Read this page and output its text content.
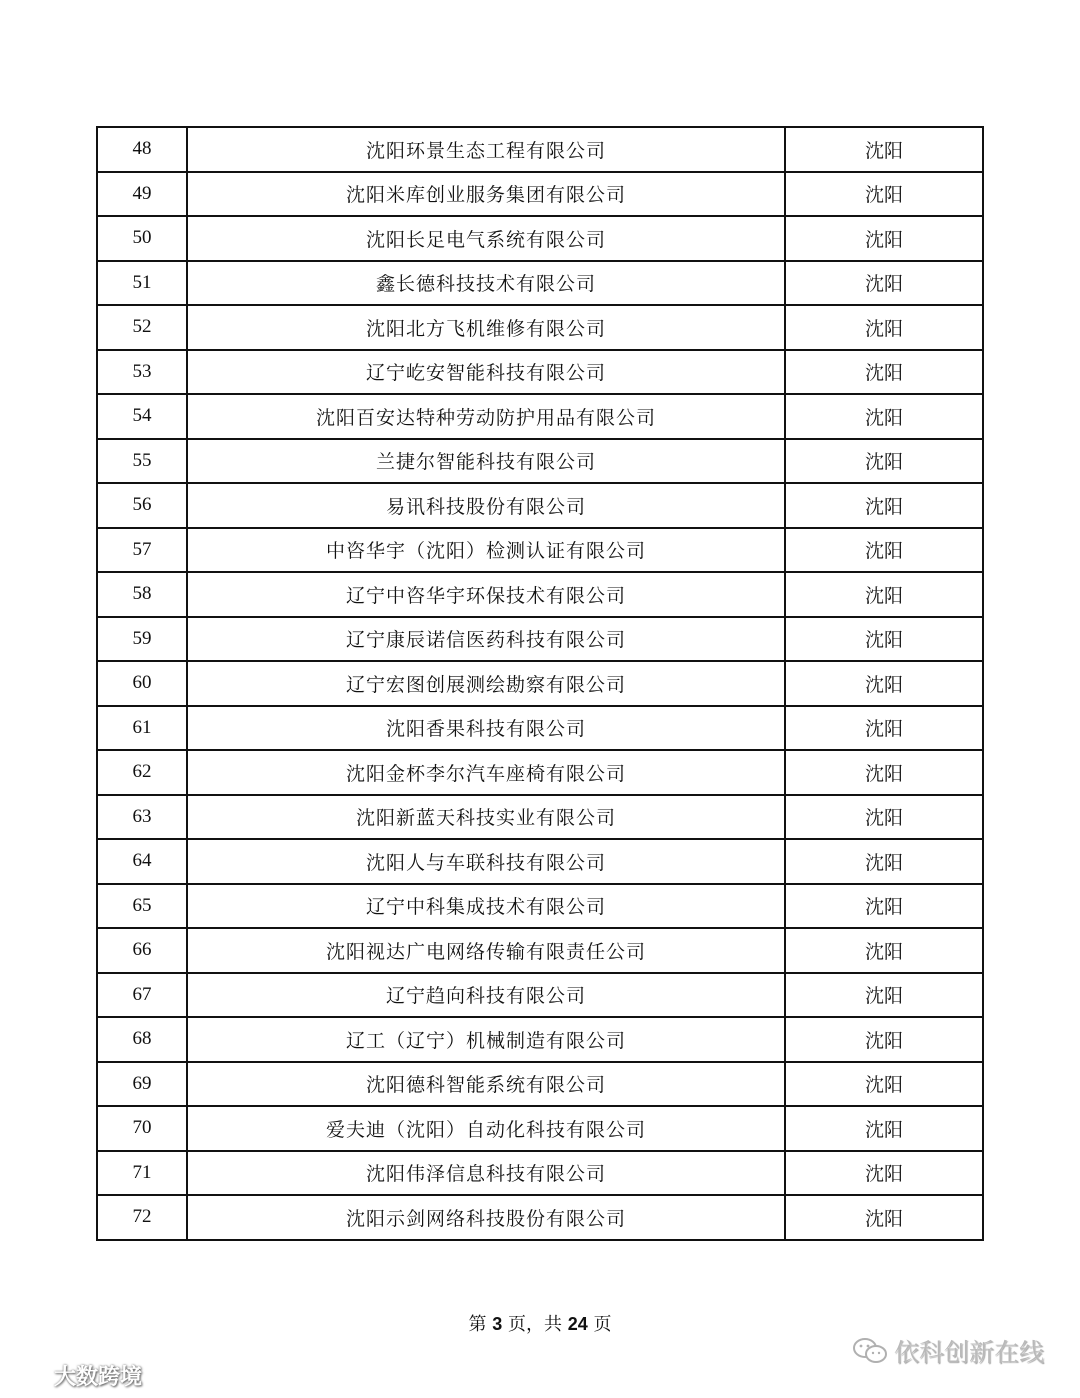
48	沈阳环景生态工程有限公司	沈阳
49	沈阳米库创业服务集团有限公司	沈阳
50	沈阳长足电气系统有限公司	沈阳
51	鑫长德科技技术有限公司	沈阳
52	沈阳北方飞机维修有限公司	沈阳
53	辽宁屹安智能科技有限公司	沈阳
54	沈阳百安达特种劳动防护用品有限公司	沈阳
55	兰捷尔智能科技有限公司	沈阳
56	易讯科技股份有限公司	沈阳
57	中咨华宇（沈阳）检测认证有限公司	沈阳
58	辽宁中咨华宇环保技术有限公司	沈阳
59	辽宁康辰诺信医药科技有限公司	沈阳
60	辽宁宏图创展测绘勘察有限公司	沈阳
61	沈阳香果科技有限公司	沈阳
62	沈阳金杯李尔汽车座椅有限公司	沈阳
63	沈阳新蓝天科技实业有限公司	沈阳
64	沈阳人与车联科技有限公司	沈阳
65	辽宁中科集成技术有限公司	沈阳
66	沈阳视达广电网络传输有限责任公司	沈阳
67	辽宁趋向科技有限公司	沈阳
68	辽工（辽宁）机械制造有限公司	沈阳
69	沈阳德科智能系统有限公司	沈阳
70	爱夫迪（沈阳）自动化科技有限公司	沈阳
71	沈阳伟泽信息科技有限公司	沈阳
72	沈阳示剑网络科技股份有限公司	沈阳
第 3 页，共 24 页
依科创新在线
大数跨境
